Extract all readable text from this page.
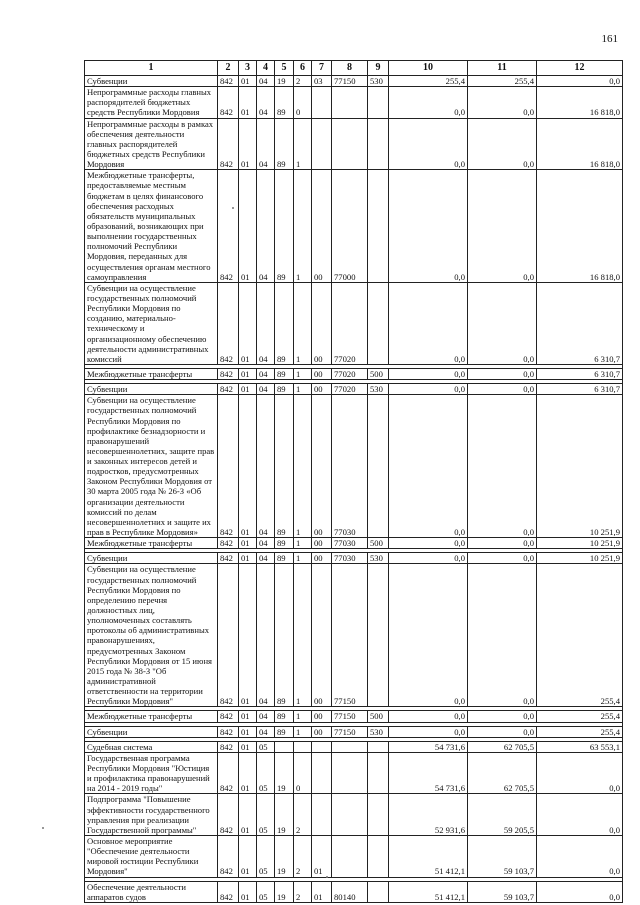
161
1	2	3	4	5	6	7	8	9	10	11	12
Субвенции	842	01	04	19	2	03	77150	530	255,4	255,4	0,0
Непрограммные расходы главных распорядителей бюджетных средств Республики Мордовия	842	01	04	89	0				0,0	0,0	16 818,0
Непрограммные расходы в рамках обеспечения деятельности главных распорядителей бюджетных средств Республики Мордовия	842	01	04	89	1				0,0	0,0	16 818,0
Межбюджетные трансферты, предоставляемые местным бюджетам в целях финансового обеспечения расходных обязательств муниципальных образований, возникающих при выполнении государственных полномочий Республики Мордовия, переданных для осуществления органам местного самоуправления	842	01	04	89	1	00	77000		0,0	0,0	16 818,0
Субвенции на осуществление государственных полномочий Республики Мордовия по созданию, материально-техническому и организационному обеспечению деятельности административных комиссий	842	01	04	89	1	00	77020		0,0	0,0	6 310,7

Межбюджетные трансферты	842	01	04	89	1	00	77020	500	0,0	0,0	6 310,7

Субвенции	842	01	04	89	1	00	77020	530	0,0	0,0	6 310,7
Субвенции на осуществление государственных полномочий Республики Мордовия по профилактике безнадзорности и правонарушений несовершеннолетних, защите прав и законных интересов детей и подростков, предусмотренных Законом Республики Мордовия от 30 марта 2005 года № 26-З «Об организации деятельности комиссий по делам несовершеннолетних и защите их прав в Республике Мордовия»	842	01	04	89	1	00	77030		0,0	0,0	10 251,9
Межбюджетные трансферты	842	01	04	89	1	00	77030	500	0,0	0,0	10 251,9

Субвенции	842	01	04	89	1	00	77030	530	0,0	0,0	10 251,9
Субвенции на осуществление государственных полномочий Республики Мордовия по определению перечня должностных лиц, уполномоченных составлять протоколы об административных правонарушениях, предусмотренных Законом Республики Мордовия от 15 июня 2015 года № 38-З "Об административной ответственности на территории Республики Мордовия"	842	01	04	89	1	00	77150		0,0	0,0	255,4

Межбюджетные трансферты	842	01	04	89	1	00	77150	500	0,0	0,0	255,4

Субвенции	842	01	04	89	1	00	77150	530	0,0	0,0	255,4

Судебная система	842	01	05						54 731,6	62 705,5	63 553,1
Государственная программа Республики Мордовия "Юстиция и профилактика правонарушений на 2014 - 2019 годы"	842	01	05	19	0				54 731,6	62 705,5	0,0
Подпрограмма "Повышение эффективности государственного управления при реализации Государственной программы"	842	01	05	19	2				52 931,6	59 205,5	0,0
Основное мероприятие "Обеспечение деятельности мировой юстиции Республики Мордовия"	842	01	05	19	2	01			51 412,1	59 103,7	0,0

Обеспечение деятельности аппаратов судов	842	01	05	19	2	01	80140		51 412,1	59 103,7	0,0
